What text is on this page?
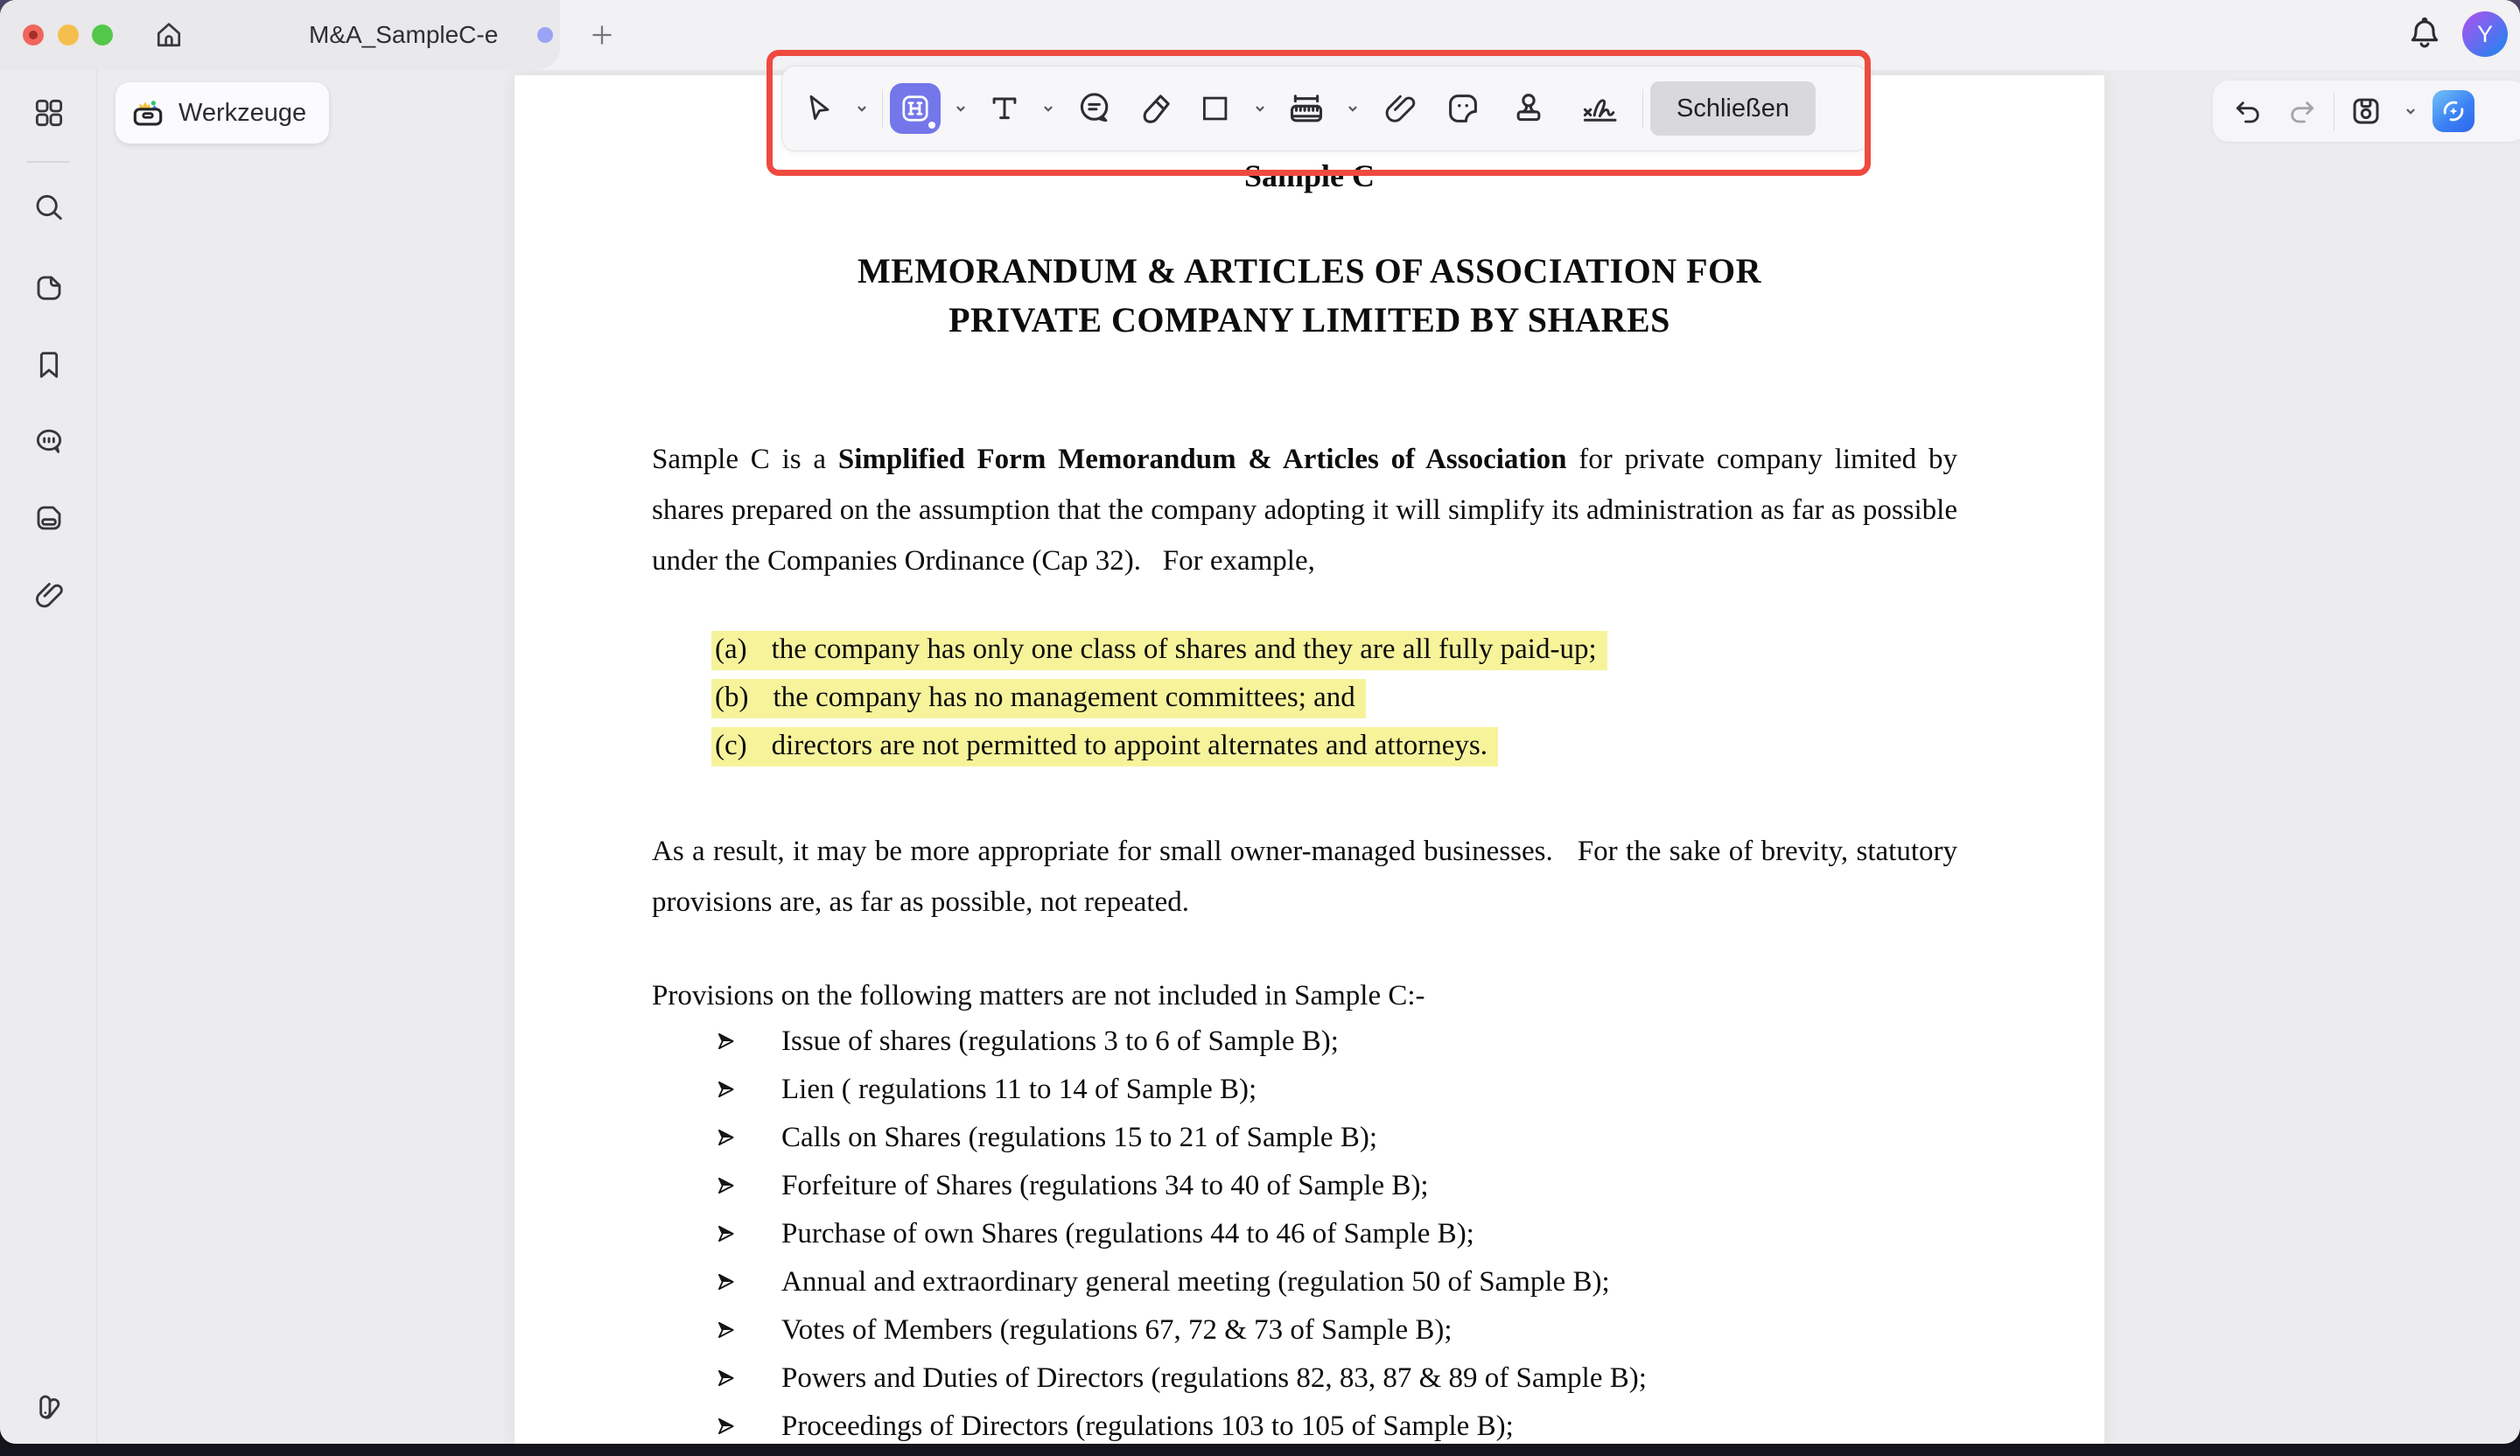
M&A_SampleC-e	Y
Sample C
MEMORANDUM & ARTICLES OF ASSOCIATION FOR
PRIVATE COMPANY LIMITED BY SHARES
Sample C is a Simplified Form Memorandum & Articles of Association for private company limited by shares prepared on the assumption that the company adopting it will simplify its administration as far as possible under the Companies Ordinance (Cap 32).   For example,
(a) the company has only one class of shares and they are all fully paid-up;
(b) the company has no management committees; and
(c) directors are not permitted to appoint alternates and attorneys.
As a result, it may be more appropriate for small owner-managed businesses.   For the sake of brevity, statutory provisions are, as far as possible, not repeated.
Provisions on the following matters are not included in Sample C:-
Issue of shares (regulations 3 to 6 of Sample B);
Lien ( regulations 11 to 14 of Sample B);
Calls on Shares (regulations 15 to 21 of Sample B);
Forfeiture of Shares (regulations 34 to 40 of Sample B);
Purchase of own Shares (regulations 44 to 46 of Sample B);
Annual and extraordinary general meeting (regulation 50 of Sample B);
Votes of Members (regulations 67, 72 & 73 of Sample B);
Powers and Duties of Directors (regulations 82, 83, 87 & 89 of Sample B);
Proceedings of Directors (regulations 103 to 105 of Sample B);
Werkzeuge	Schließen
